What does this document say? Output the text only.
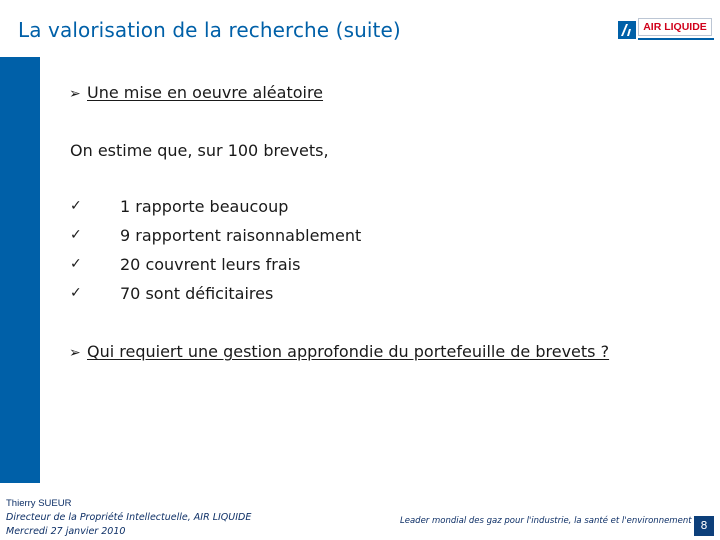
La valorisation de la recherche (suite)	AIR LIQUIDE
➢ Une mise en oeuvre aléatoire
On estime que, sur 100 brevets,
✓ 1 rapporte beaucoup
✓ 9 rapportent raisonnablement
✓ 20 couvrent leurs frais
✓ 70 sont déficitaires
➢ Qui requiert une gestion approfondie du portefeuille de brevets ?
Thierry SUEUR
Directeur de la Propriété Intellectuelle, AIR LIQUIDE
Mercredi 27 janvier 2010
Leader mondial des gaz pour l'industrie, la santé et l'environnement 8
